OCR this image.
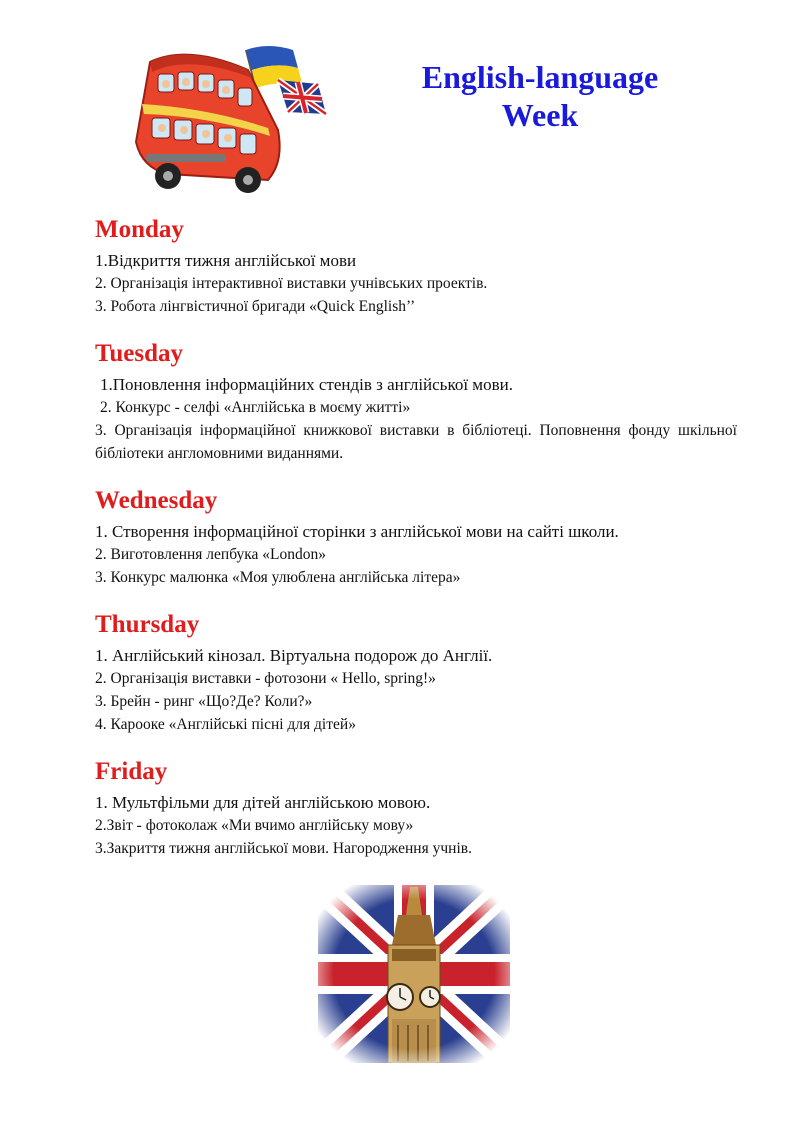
English-language
Week
Monday

1.Відкриття тижня англійської мови

2. Організація інтерактивної виставки учнівських проектів.

3. Робота лінгвістичної бригади «Quick English’’

Tuesday

1.Поновлення інформаційних стендів з англійської мови.

2. Конкурс - селфі «Англійська в моєму житті»

3. Організація інформаційної книжкової виставки в бібліотеці. Поповнення фонду шкільної бібліотеки англомовними виданнями.

Wednesday

1. Створення інформаційної сторінки з англійської мови на сайті школи.

2. Виготовлення лепбука «London»

3. Конкурс малюнка «Моя улюблена англійська літера»

Thursday

1. Англійський кінозал. Віртуальна подорож до Англії.

2. Організація виставки - фотозони « Hello, spring!»

3. Брейн - ринг «Що?Де? Коли?»

4. Карооке «Англійські пісні для дітей»

Friday

1. Мультфільми для дітей англійською мовою.

2.Звіт - фотоколаж «Ми вчимо англійську мову»

3.Закриття тижня англійської мови. Нагородження учнів.
